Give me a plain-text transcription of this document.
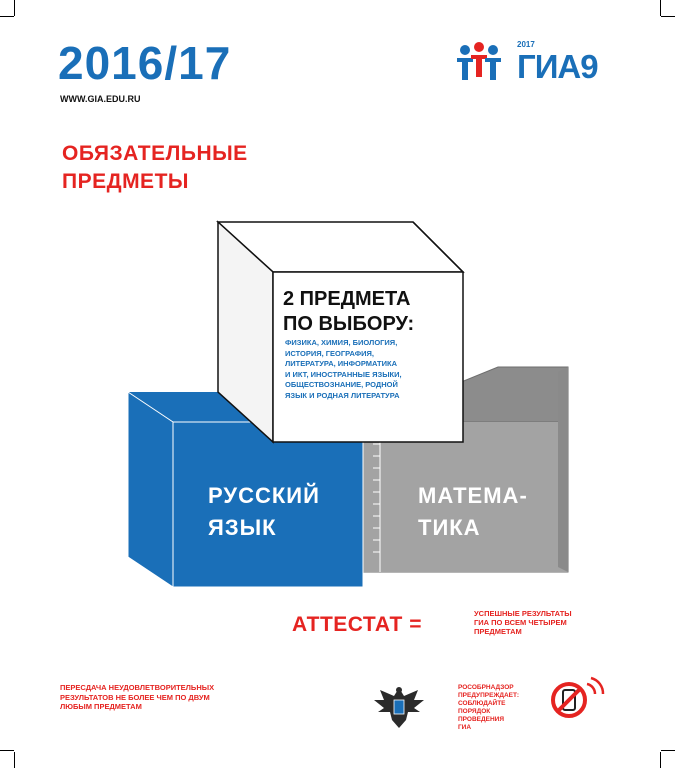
2016/17
WWW.GIA.EDU.RU
2017
ГИА9
ОБЯЗАТЕЛЬНЫЕ
ПРЕДМЕТЫ
2 ПРЕДМЕТА
ПО ВЫБОРУ:
ФИЗИКА, ХИМИЯ, БИОЛОГИЯ,
ИСТОРИЯ, ГЕОГРАФИЯ,
ЛИТЕРАТУРА, ИНФОРМАТИКА
И ИКТ, ИНОСТРАННЫЕ ЯЗЫКИ,
ОБЩЕСТВОЗНАНИЕ, РОДНОЙ
ЯЗЫК И РОДНАЯ ЛИТЕРАТУРА
РУССКИЙ
ЯЗЫК
МАТЕМА-
ТИКА
АТТЕСТАТ =	УСПЕШНЫЕ РЕЗУЛЬТАТЫ
ГИА ПО ВСЕМ ЧЕТЫРЕМ
ПРЕДМЕТАМ
ПЕРЕСДАЧА НЕУДОВЛЕТВОРИТЕЛЬНЫХ
РЕЗУЛЬТАТОВ НЕ БОЛЕЕ ЧЕМ ПО ДВУМ
ЛЮБЫМ ПРЕДМЕТАМ
РОСОБРНАДЗОР
ПРЕДУПРЕЖДАЕТ:
СОБЛЮДАЙТЕ
ПОРЯДОК
ПРОВЕДЕНИЯ
ГИА
